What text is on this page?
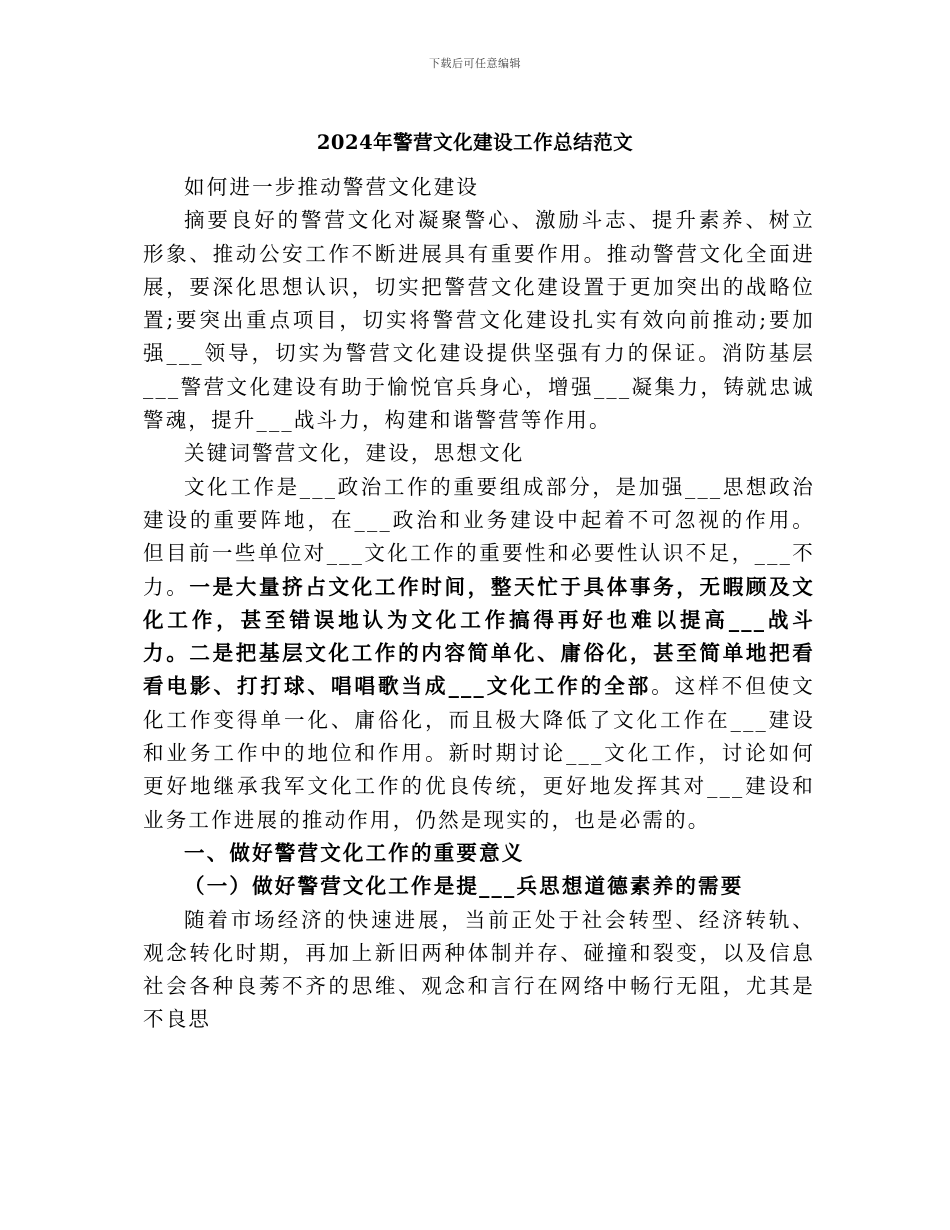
下载后可任意编辑
2024年警营文化建设工作总结范文

如何进一步推动警营文化建设

摘要良好的警营文化对凝聚警心、激励斗志、提升素养、树立形象、推动公安工作不断进展具有重要作用。推动警营文化全面进展，要深化思想认识，切实把警营文化建设置于更加突出的战略位置;要突出重点项目，切实将警营文化建设扎实有效向前推动;要加强___领导，切实为警营文化建设提供坚强有力的保证。消防基层___警营文化建设有助于愉悦官兵身心，增强___凝集力，铸就忠诚警魂，提升___战斗力，构建和谐警营等作用。

关键词警营文化，建设，思想文化

文化工作是___政治工作的重要组成部分，是加强___思想政治建设的重要阵地，在___政治和业务建设中起着不可忽视的作用。但目前一些单位对___文化工作的重要性和必要性认识不足，___不力。一是大量挤占文化工作时间，整天忙于具体事务，无暇顾及文化工作，甚至错误地认为文化工作搞得再好也难以提高___战斗力。二是把基层文化工作的内容简单化、庸俗化，甚至简单地把看看电影、打打球、唱唱歌当成___文化工作的全部。这样不但使文化工作变得单一化、庸俗化，而且极大降低了文化工作在___建设和业务工作中的地位和作用。新时期讨论___文化工作，讨论如何更好地继承我军文化工作的优良传统，更好地发挥其对___建设和业务工作进展的推动作用，仍然是现实的，也是必需的。

一、做好警营文化工作的重要意义

（一）做好警营文化工作是提___兵思想道德素养的需要

随着市场经济的快速进展，当前正处于社会转型、经济转轨、观念转化时期，再加上新旧两种体制并存、碰撞和裂变，以及信息社会各种良莠不齐的思维、观念和言行在网络中畅行无阻，尤其是不良思
